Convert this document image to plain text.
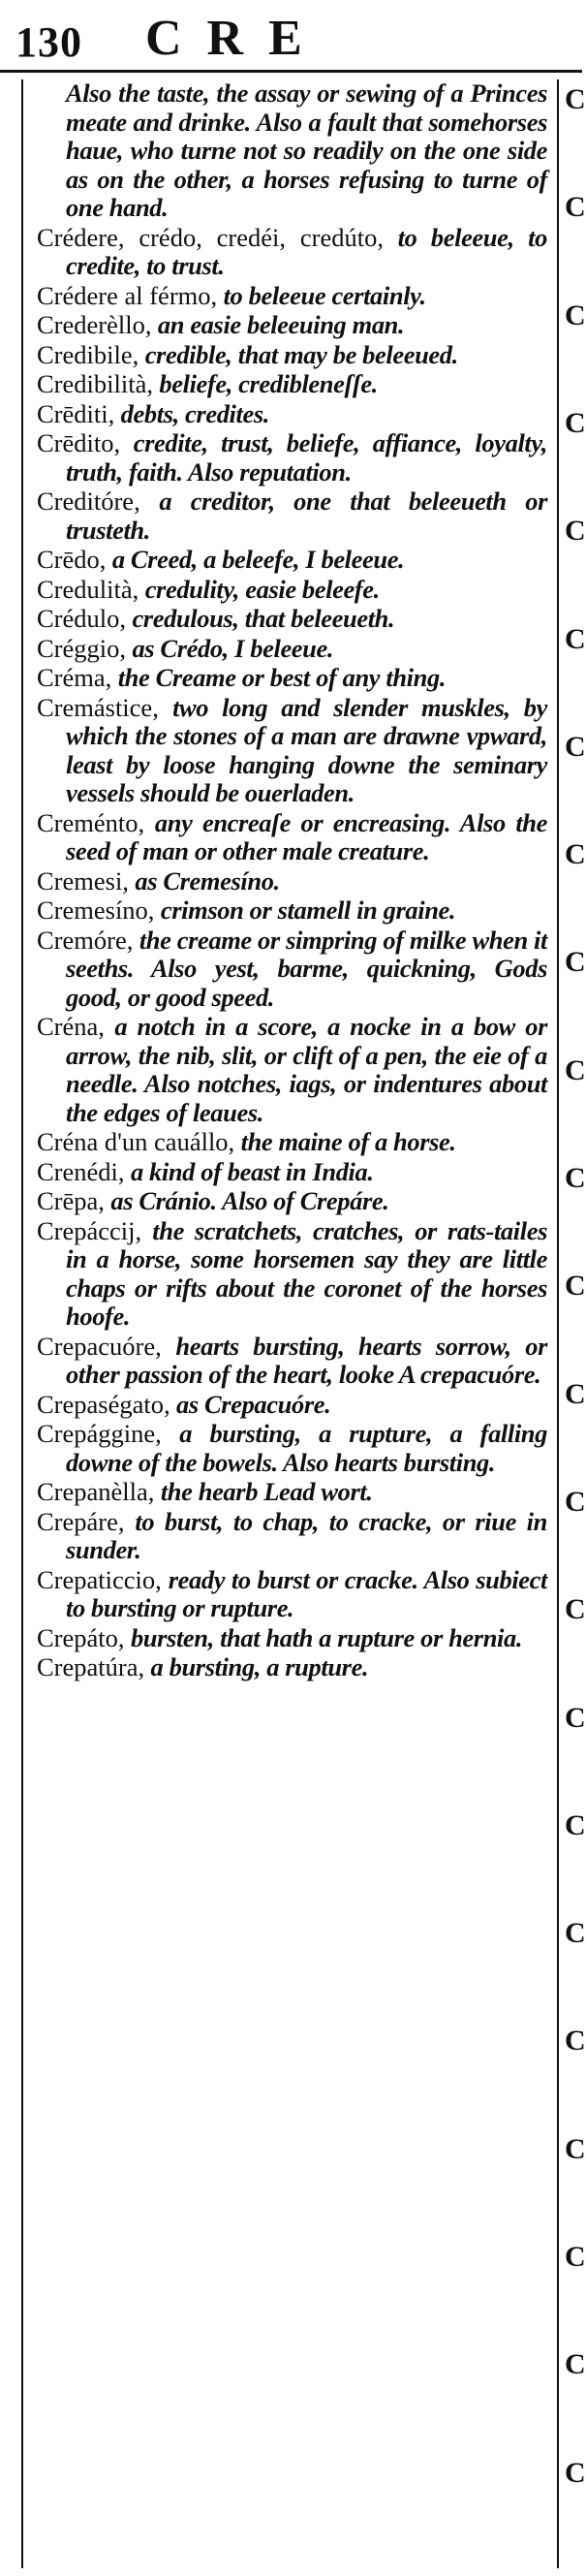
130 CRE

Also the taste, the assay or sewing of a Princes meate and drinke. Also a fault that somehorses haue, who turne not so readily on the one side as on the other, a horses refusing to turne of one hand.

Crédere, crédo, credéi, credúto, to beleeue, to credite, to trust.

Crédere al férmo, to beleeue certainly.

Crederèllo, an easie beleeuing man.

Credibile, credible, that may be beleeued.

Credibilità, beliefe, credibleneſſe.

Crēditi, debts, credites.

Crēdito, credite, trust, beliefe, affiance, loyalty, truth, faith. Also reputation.

Creditóre, a creditor, one that beleeueth or trusteth.

Crēdo, a Creed, a beleefe, I beleeue.

Credulità, credulity, easie beleefe.

Crédulo, credulous, that beleeueth.

Créggio, as Crédo, I beleeue.

Créma, the Creame or best of any thing.

Cremástice, two long and slender muskles, by which the stones of a man are drawne vpward, least by loose hanging downe the seminary vessels should be ouerladen.

Creménto, any encreaſe or encreasing. Also the seed of man or other male creature.

Cremesi, as Cremesíno.

Cremesíno, crimson or stamell in graine.

Cremóre, the creame or simpring of milke when it seeths. Also yest, barme, quickning, Gods good, or good speed.

Créna, a notch in a score, a nocke in a bow or arrow, the nib, slit, or clift of a pen, the eie of a needle. Also notches, iags, or indentures about the edges of leaues.

Créna d'un cauállo, the maine of a horse.

Crenédi, a kind of beast in India.

Crēpa, as Cránio. Also of Crepáre.

Crepáccij, the scratchets, cratches, or rats-tailes in a horse, some horsemen say they are little chaps or rifts about the coronet of the horses hoofe.

Crepacuóre, hearts bursting, hearts sorrow, or other passion of the heart, looke A crepacuóre.

Crepaségato, as Crepacuóre.

Crepággine, a bursting, a rupture, a falling downe of the bowels. Also hearts bursting.

Crepanèlla, the hearb Lead wort.

Crepáre, to burst, to chap, to cracke, or riue in sunder.

Crepaticcio, ready to burst or cracke. Also subiect to bursting or rupture.

Crepáto, bursten, that hath a rupture or hernia.

Crepatúra, a bursting, a rupture.

C
C
C
C
C
C
C
C
C
C
C
C
C
C
C
C
C
C
C
C
C
C
C
